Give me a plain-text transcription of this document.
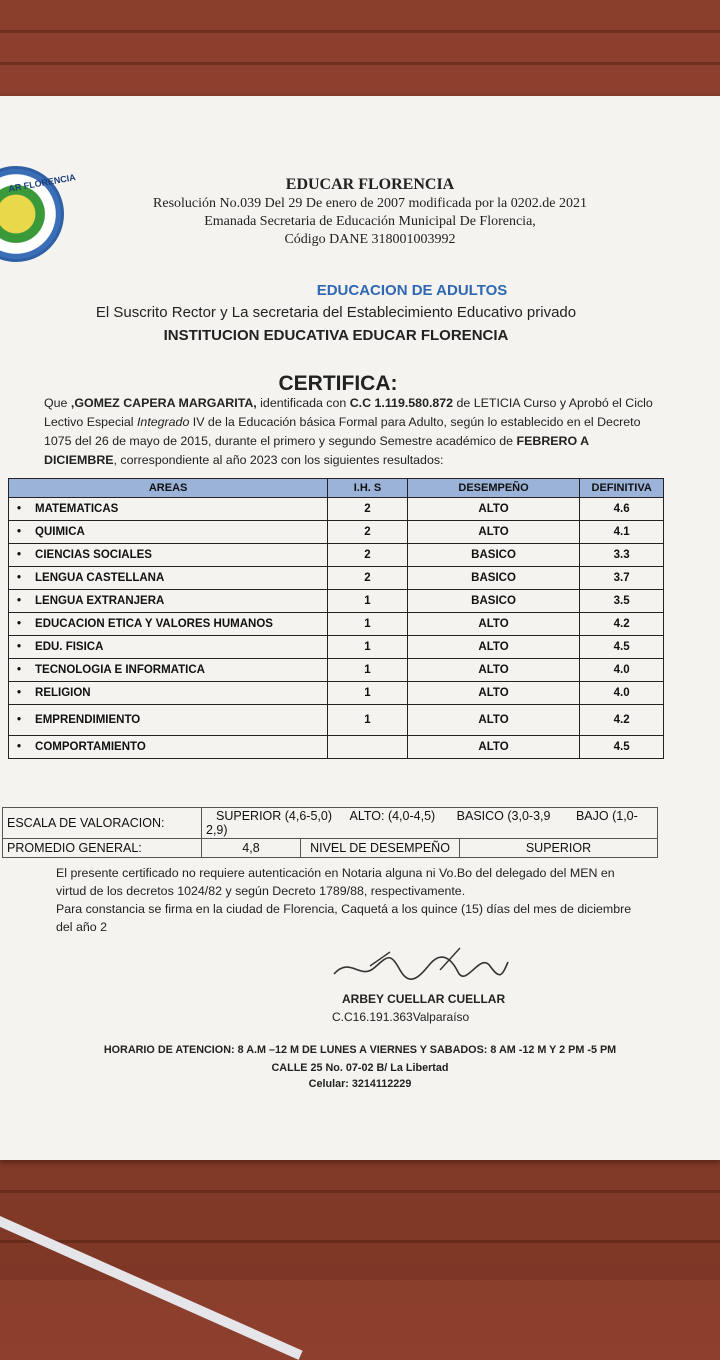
AR FLORENCIA	EDUCAR FLORENCIA
Resolución No.039 Del 29 De enero de 2007 modificada por la 0202.de 2021
Emanada Secretaria de Educación Municipal De Florencia,
Código DANE 318001003992
EDUCACION DE ADULTOS
El Suscrito Rector y La secretaria del Establecimiento Educativo privado
INSTITUCION EDUCATIVA EDUCAR FLORENCIA
CERTIFICA:
Que ,GOMEZ CAPERA MARGARITA, identificada con C.C 1.119.580.872 de LETICIA Curso y Aprobó el Ciclo Lectivo Especial Integrado IV de la Educación básica Formal para Adulto, según lo establecido en el Decreto 1075 del 26 de mayo de 2015, durante el primero y segundo Semestre académico de FEBRERO A DICIEMBRE, correspondiente al año 2023 con los siguientes resultados:
AREAS	I.H. S	DESEMPEÑO	DEFINITIVA
• MATEMATICAS	2	ALTO	4.6
• QUIMICA	2	ALTO	4.1
• CIENCIAS SOCIALES	2	BASICO	3.3
• LENGUA CASTELLANA	2	BASICO	3.7
• LENGUA EXTRANJERA	1	BASICO	3.5
• EDUCACION ETICA Y VALORES HUMANOS	1	ALTO	4.2
• EDU. FISICA	1	ALTO	4.5
• TECNOLOGIA E INFORMATICA	1	ALTO	4.0
• RELIGION	1	ALTO	4.0
• EMPRENDIMIENTO	1	ALTO	4.2
• COMPORTAMIENTO		ALTO	4.5
ESCALA DE VALORACION:	SUPERIOR (4,6-5,0) ALTO: (4,0-4,5) BASICO (3,0-3,9 BAJO (1,0-2,9)		
PROMEDIO GENERAL:	4,8	NIVEL DE DESEMPEÑO	SUPERIOR
El presente certificado no requiere autenticación en Notaria alguna ni Vo.Bo del delegado del MEN en virtud de los decretos 1024/82 y según Decreto 1789/88, respectivamente.
Para constancia se firma en la ciudad de Florencia, Caquetá a los quince (15) días del mes de diciembre del año 2
ARBEY CUELLAR CUELLAR
C.C16.191.363Valparaíso
HORARIO DE ATENCION: 8 A.M –12 M DE LUNES A VIERNES Y SABADOS: 8 AM -12 M Y 2 PM -5 PM
CALLE 25 No. 07-02 B/ La Libertad
Celular: 3214112229
